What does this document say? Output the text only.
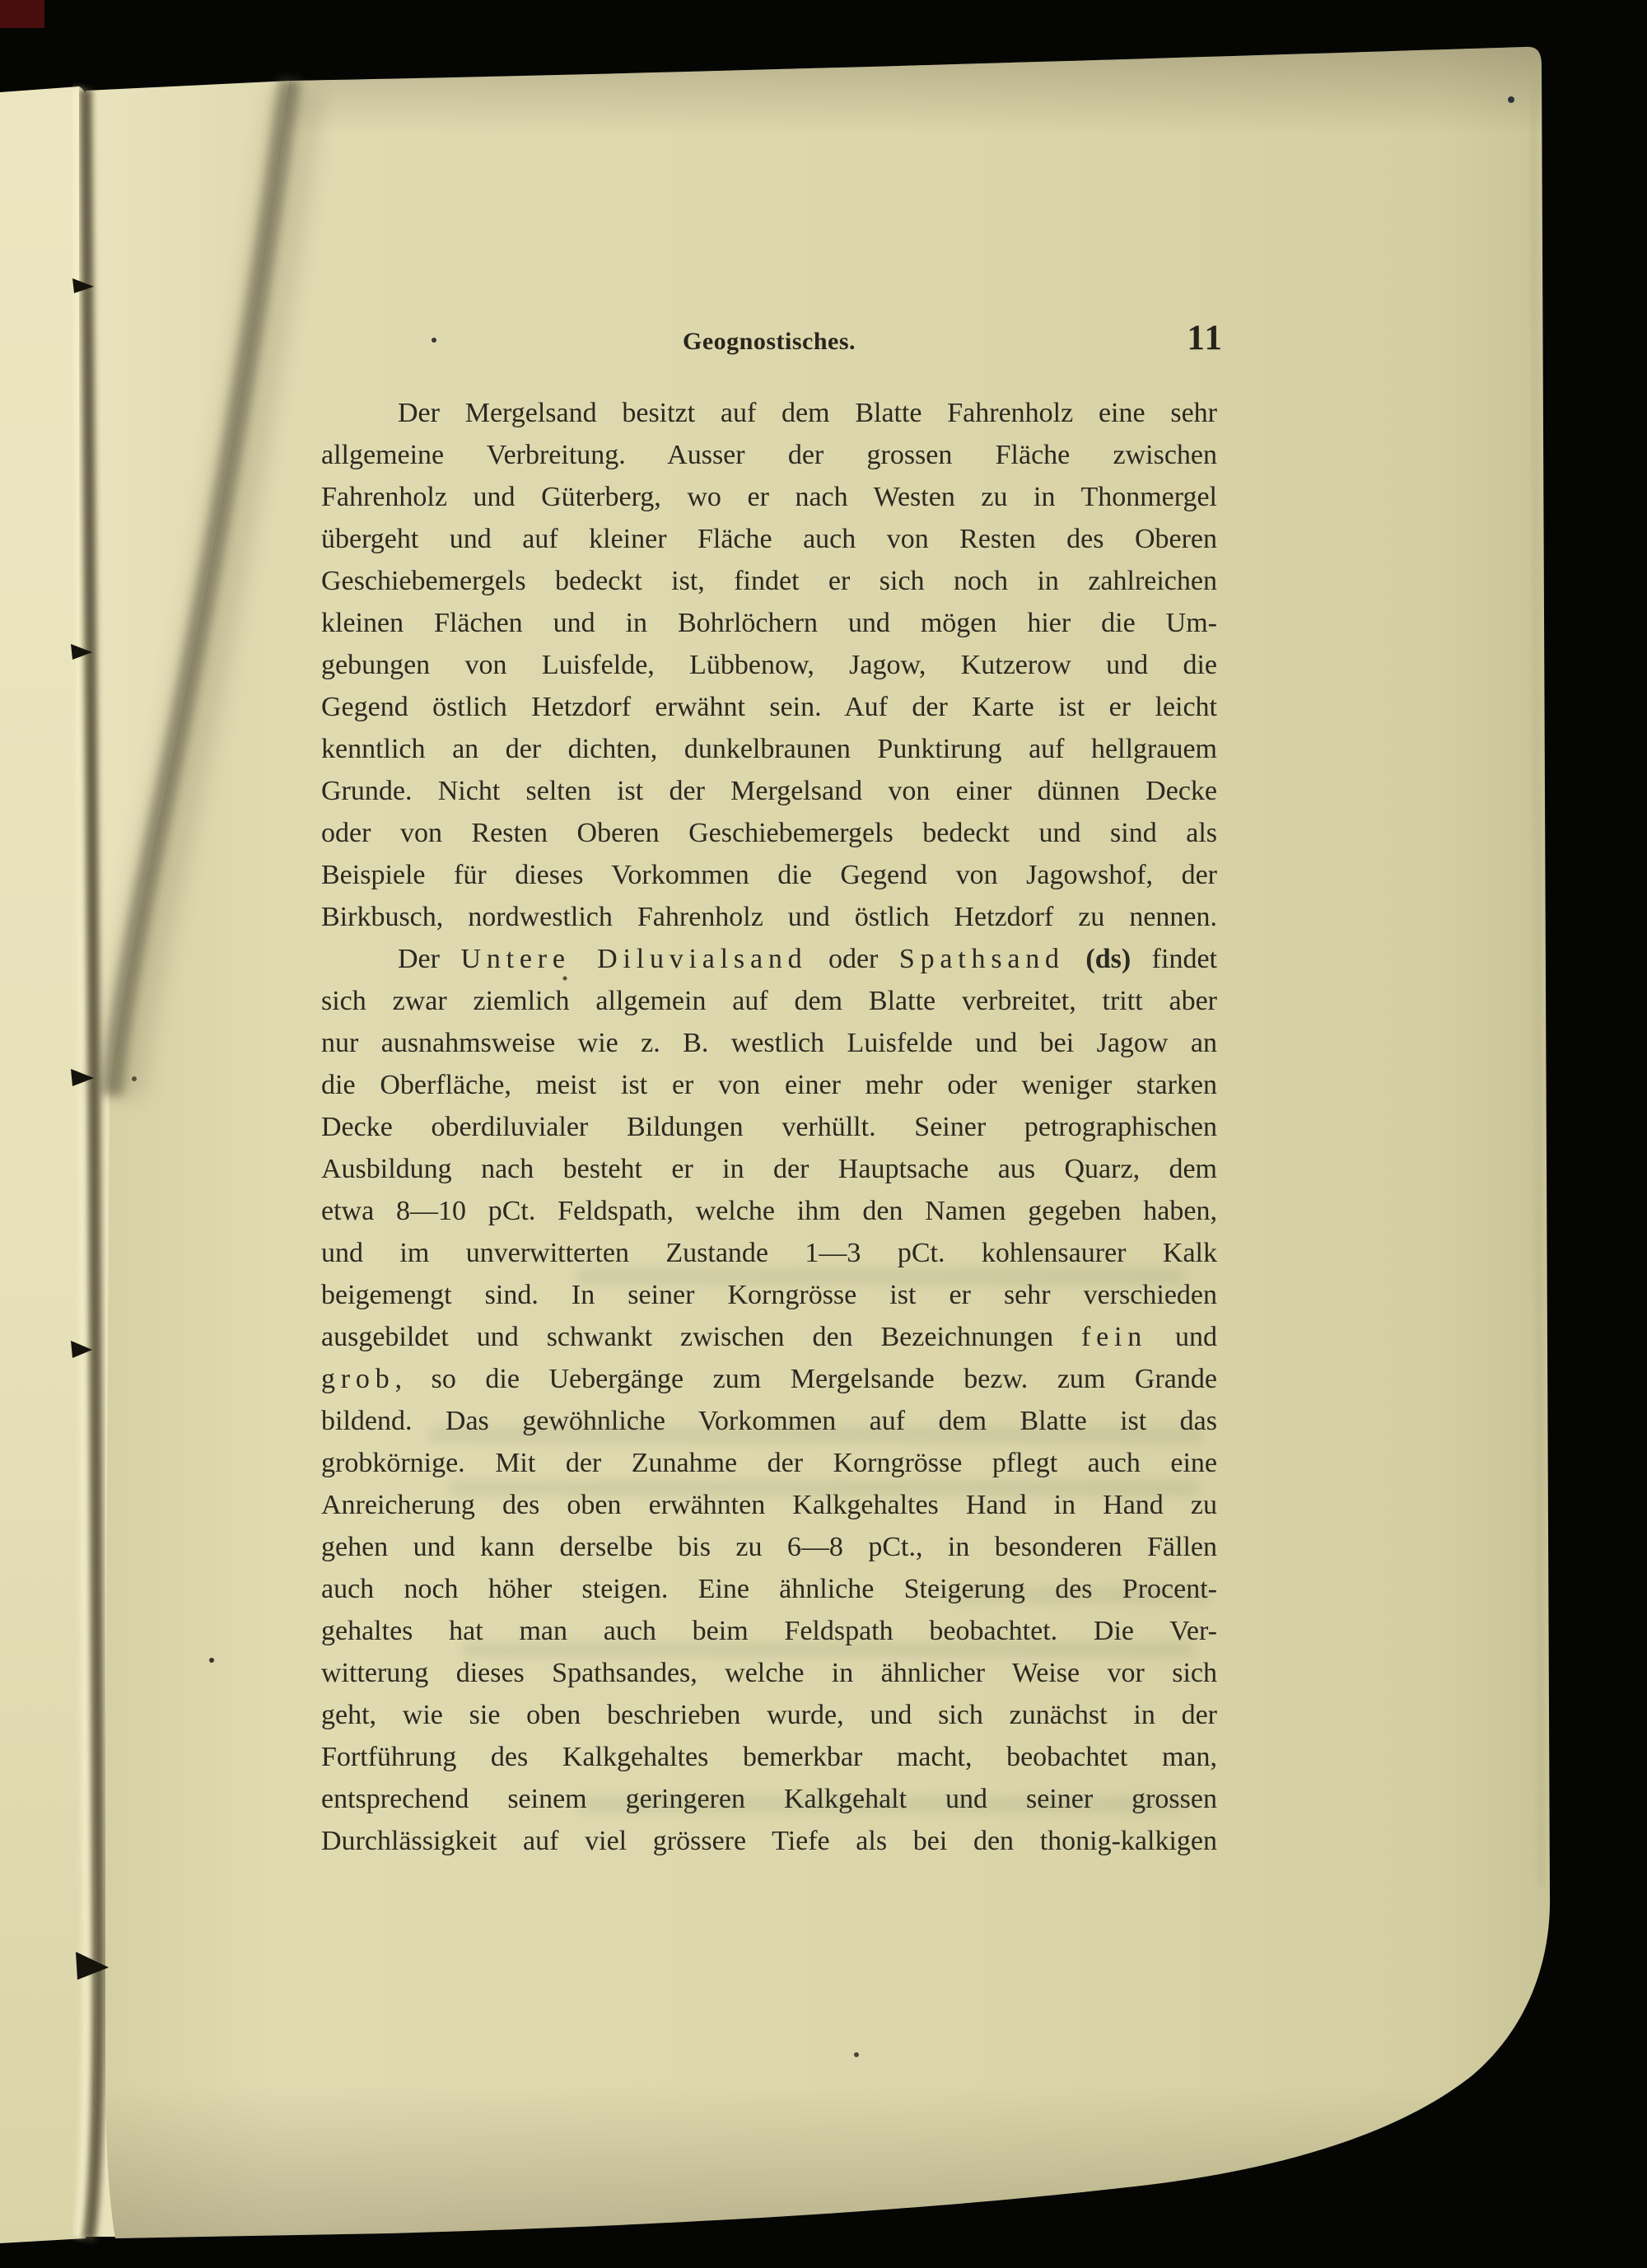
Geognostisches.	11
Der Mergelsand besitzt auf dem Blatte Fahrenholz eine sehr
allgemeine Verbreitung. Ausser der grossen Fläche zwischen
Fahrenholz und Güterberg, wo er nach Westen zu in Thonmergel
übergeht und auf kleiner Fläche auch von Resten des Oberen
Geschiebemergels bedeckt ist, findet er sich noch in zahlreichen
kleinen Flächen und in Bohrlöchern und mögen hier die Um-
gebungen von Luisfelde, Lübbenow, Jagow, Kutzerow und die
Gegend östlich Hetzdorf erwähnt sein. Auf der Karte ist er leicht
kenntlich an der dichten, dunkelbraunen Punktirung auf hellgrauem
Grunde. Nicht selten ist der Mergelsand von einer dünnen Decke
oder von Resten Oberen Geschiebemergels bedeckt und sind als
Beispiele für dieses Vorkommen die Gegend von Jagowshof, der
Birkbusch, nordwestlich Fahrenholz und östlich Hetzdorf zu nennen.
Der Untere Diluvialsand oder Spathsand (ds) findet
sich zwar ziemlich allgemein auf dem Blatte verbreitet, tritt aber
nur ausnahmsweise wie z. B. westlich Luisfelde und bei Jagow an
die Oberfläche, meist ist er von einer mehr oder weniger starken
Decke oberdiluvialer Bildungen verhüllt. Seiner petrographischen
Ausbildung nach besteht er in der Hauptsache aus Quarz, dem
etwa 8—10 pCt. Feldspath, welche ihm den Namen gegeben haben,
und im unverwitterten Zustande 1—3 pCt. kohlensaurer Kalk
beigemengt sind. In seiner Korngrösse ist er sehr verschieden
ausgebildet und schwankt zwischen den Bezeichnungen fein und
grob, so die Uebergänge zum Mergelsande bezw. zum Grande
bildend. Das gewöhnliche Vorkommen auf dem Blatte ist das
grobkörnige. Mit der Zunahme der Korngrösse pflegt auch eine
Anreicherung des oben erwähnten Kalkgehaltes Hand in Hand zu
gehen und kann derselbe bis zu 6—8 pCt., in besonderen Fällen
auch noch höher steigen. Eine ähnliche Steigerung des Procent-
gehaltes hat man auch beim Feldspath beobachtet. Die Ver-
witterung dieses Spathsandes, welche in ähnlicher Weise vor sich
geht, wie sie oben beschrieben wurde, und sich zunächst in der
Fortführung des Kalkgehaltes bemerkbar macht, beobachtet man,
entsprechend seinem geringeren Kalkgehalt und seiner grossen
Durchlässigkeit auf viel grössere Tiefe als bei den thonig-kalkigen
